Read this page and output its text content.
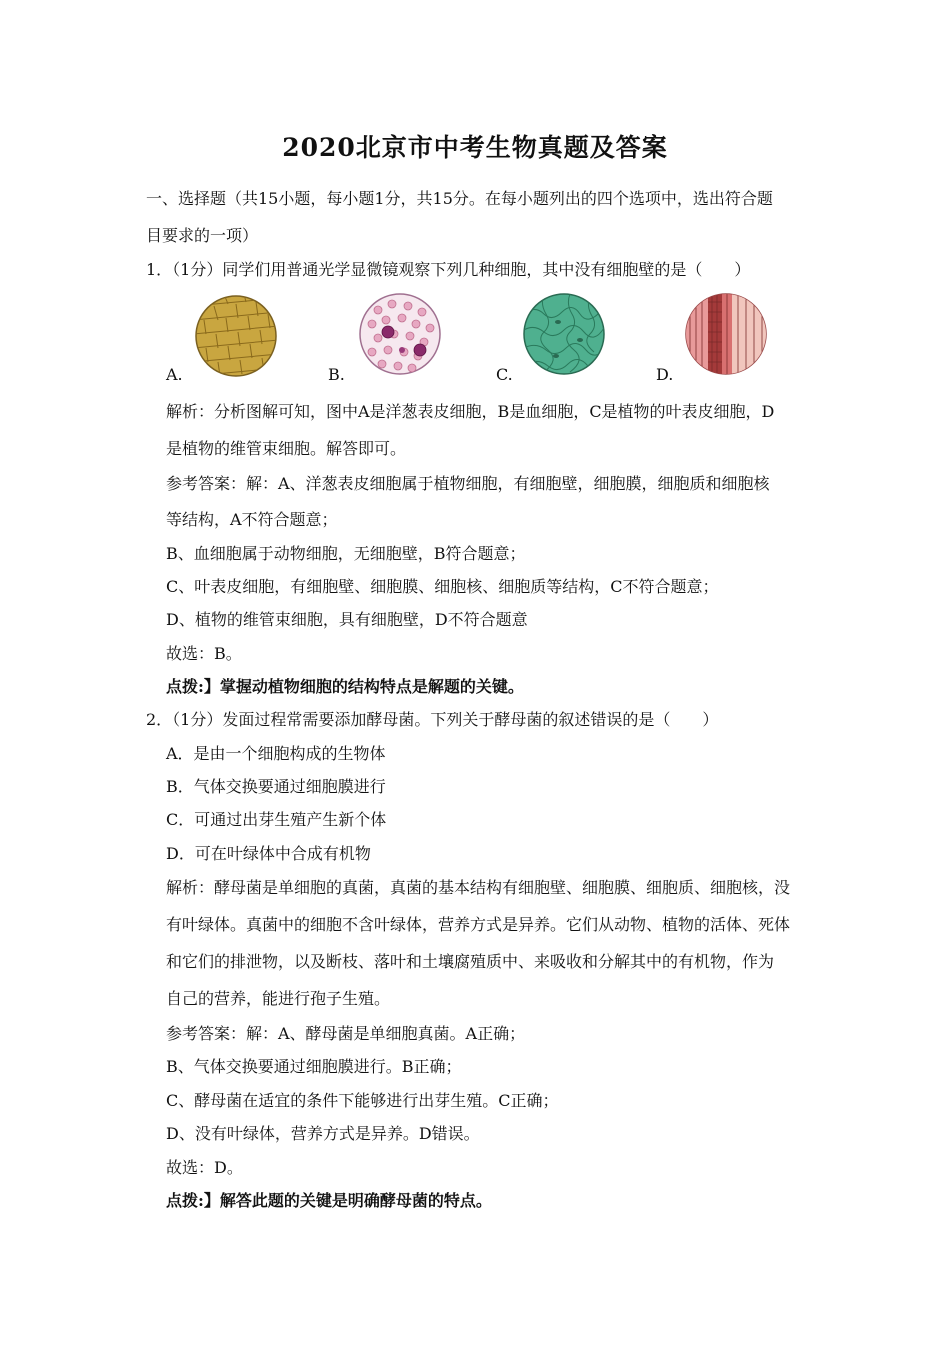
2020北京市中考生物真题及答案
一、选择题（共15小题，每小题1分，共15分。在每小题列出的四个选项中，选出符合题
目要求的一项）
1．（1分）同学们用普通光学显微镜观察下列几种细胞，其中没有细胞壁的是（　　）
A.	B.	C.	D.
解析：分析图解可知，图中A是洋葱表皮细胞，B是血细胞，C是植物的叶表皮细胞，D
是植物的维管束细胞。解答即可。
参考答案：解：A、洋葱表皮细胞属于植物细胞，有细胞壁，细胞膜，细胞质和细胞核
等结构，A不符合题意；
B、血细胞属于动物细胞，无细胞壁，B符合题意；
C、叶表皮细胞，有细胞壁、细胞膜、细胞核、细胞质等结构，C不符合题意；
D、植物的维管束细胞，具有细胞壁，D不符合题意
故选：B。
点拨:】掌握动植物细胞的结构特点是解题的关键。
2．（1分）发面过程常需要添加酵母菌。下列关于酵母菌的叙述错误的是（　　）
A．是由一个细胞构成的生物体
B．气体交换要通过细胞膜进行
C．可通过出芽生殖产生新个体
D．可在叶绿体中合成有机物
解析：酵母菌是单细胞的真菌，真菌的基本结构有细胞壁、细胞膜、细胞质、细胞核，没
有叶绿体。真菌中的细胞不含叶绿体，营养方式是异养。它们从动物、植物的活体、死体
和它们的排泄物，以及断枝、落叶和土壤腐殖质中、来吸收和分解其中的有机物，作为
自己的营养，能进行孢子生殖。
参考答案：解：A、酵母菌是单细胞真菌。A正确；
B、气体交换要通过细胞膜进行。B正确；
C、酵母菌在适宜的条件下能够进行出芽生殖。C正确；
D、没有叶绿体，营养方式是异养。D错误。
故选：D。
点拨:】解答此题的关键是明确酵母菌的特点。
